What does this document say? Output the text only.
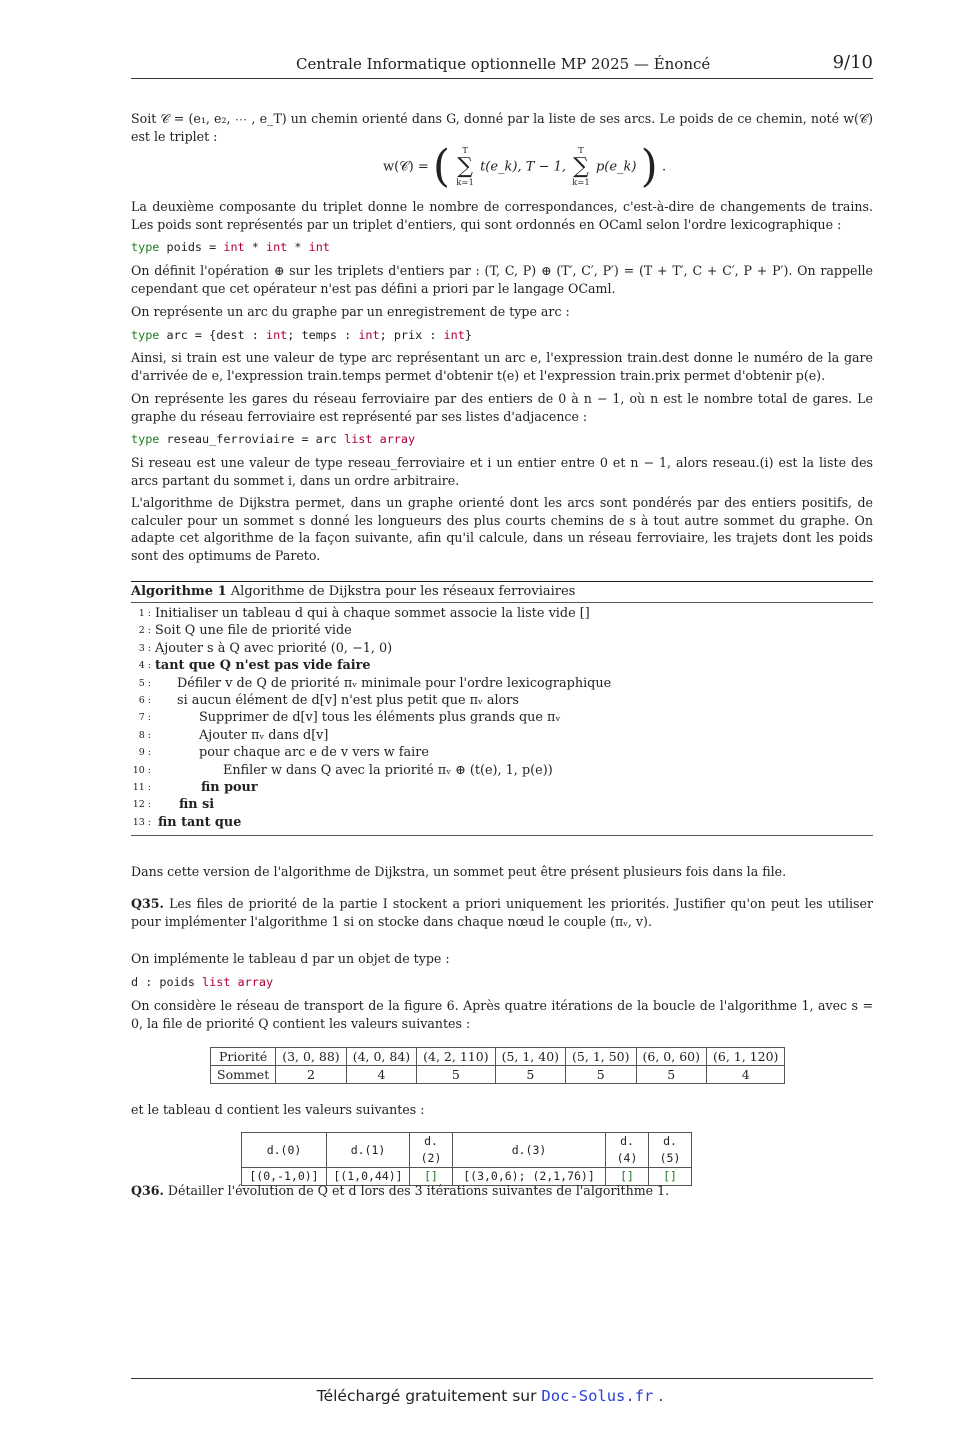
Centrale Informatique optionnelle MP 2025 — Énoncé	9/10
Soit 𝒞 = (e₁, e₂, ⋯ , e_T) un chemin orienté dans G, donné par la liste de ses arcs. Le poids de ce chemin, noté w(𝒞) est le triplet :
w(𝒞) = ( T
∑
k=1 t(e_k), T − 1, T
∑
k=1 p(e_k) ) .
La deuxième composante du triplet donne le nombre de correspondances, c'est-à-dire de changements de trains. Les poids sont représentés par un triplet d'entiers, qui sont ordonnés en OCaml selon l'ordre lexicographique :
type poids = int * int * int
On définit l'opération ⊕ sur les triplets d'entiers par : (T, C, P) ⊕ (T′, C′, P′) = (T + T′, C + C′, P + P′). On rappelle cependant que cet opérateur n'est pas défini a priori par le langage OCaml.
On représente un arc du graphe par un enregistrement de type arc :
type arc = {dest : int; temps : int; prix : int}
Ainsi, si train est une valeur de type arc représentant un arc e, l'expression train.dest donne le numéro de la gare d'arrivée de e, l'expression train.temps permet d'obtenir t(e) et l'expression train.prix permet d'obtenir p(e).
On représente les gares du réseau ferroviaire par des entiers de 0 à n − 1, où n est le nombre total de gares. Le graphe du réseau ferroviaire est représenté par ses listes d'adjacence :
type reseau_ferroviaire = arc list array
Si reseau est une valeur de type reseau_ferroviaire et i un entier entre 0 et n − 1, alors reseau.(i) est la liste des arcs partant du sommet i, dans un ordre arbitraire.
L'algorithme de Dijkstra permet, dans un graphe orienté dont les arcs sont pondérés par des entiers positifs, de calculer pour un sommet s donné les longueurs des plus courts chemins de s à tout autre sommet du graphe. On adapte cet algorithme de la façon suivante, afin qu'il calcule, dans un réseau ferroviaire, les trajets dont les poids sont des optimums de Pareto.
Algorithme 1 Algorithme de Dijkstra pour les réseaux ferroviaires
1 : Initialiser un tableau d qui à chaque sommet associe la liste vide []
2 : Soit Q une file de priorité vide
3 : Ajouter s à Q avec priorité (0, −1, 0)
4 : tant que Q n'est pas vide faire
5 : Défiler v de Q de priorité πᵥ minimale pour l'ordre lexicographique
6 : si aucun élément de d[v] n'est plus petit que πᵥ alors
7 :	Supprimer de d[v] tous les éléments plus grands que πᵥ
8 :	Ajouter πᵥ dans d[v]
9 :	pour chaque arc e de v vers w faire
10 :	Enfiler w dans Q avec la priorité πᵥ ⊕ (t(e), 1, p(e))
11 :	fin pour
12 : fin si
13 : fin tant que
Dans cette version de l'algorithme de Dijkstra, un sommet peut être présent plusieurs fois dans la file.
Q35. Les files de priorité de la partie I stockent a priori uniquement les priorités. Justifier qu'on peut les utiliser pour implémenter l'algorithme 1 si on stocke dans chaque nœud le couple (πᵥ, v).
On implémente le tableau d par un objet de type :
d : poids list array
On considère le réseau de transport de la figure 6. Après quatre itérations de la boucle de l'algorithme 1, avec s = 0, la file de priorité Q contient les valeurs suivantes :
Priorité	(3, 0, 88)	(4, 0, 84)	(4, 2, 110)	(5, 1, 40)	(5, 1, 50)	(6, 0, 60)	(6, 1, 120)
Sommet	2	4	5	5	5	5	4
et le tableau d contient les valeurs suivantes :
d.(0)	d.(1)	d.(2)	d.(3)	d.(4)	d.(5)
[(0,-1,0)]	[(1,0,44)]	[]	[(3,0,6); (2,1,76)]	[]	[]
Q36. Détailler l'évolution de Q et d lors des 3 itérations suivantes de l'algorithme 1.
Téléchargé gratuitement sur Doc-Solus.fr .
